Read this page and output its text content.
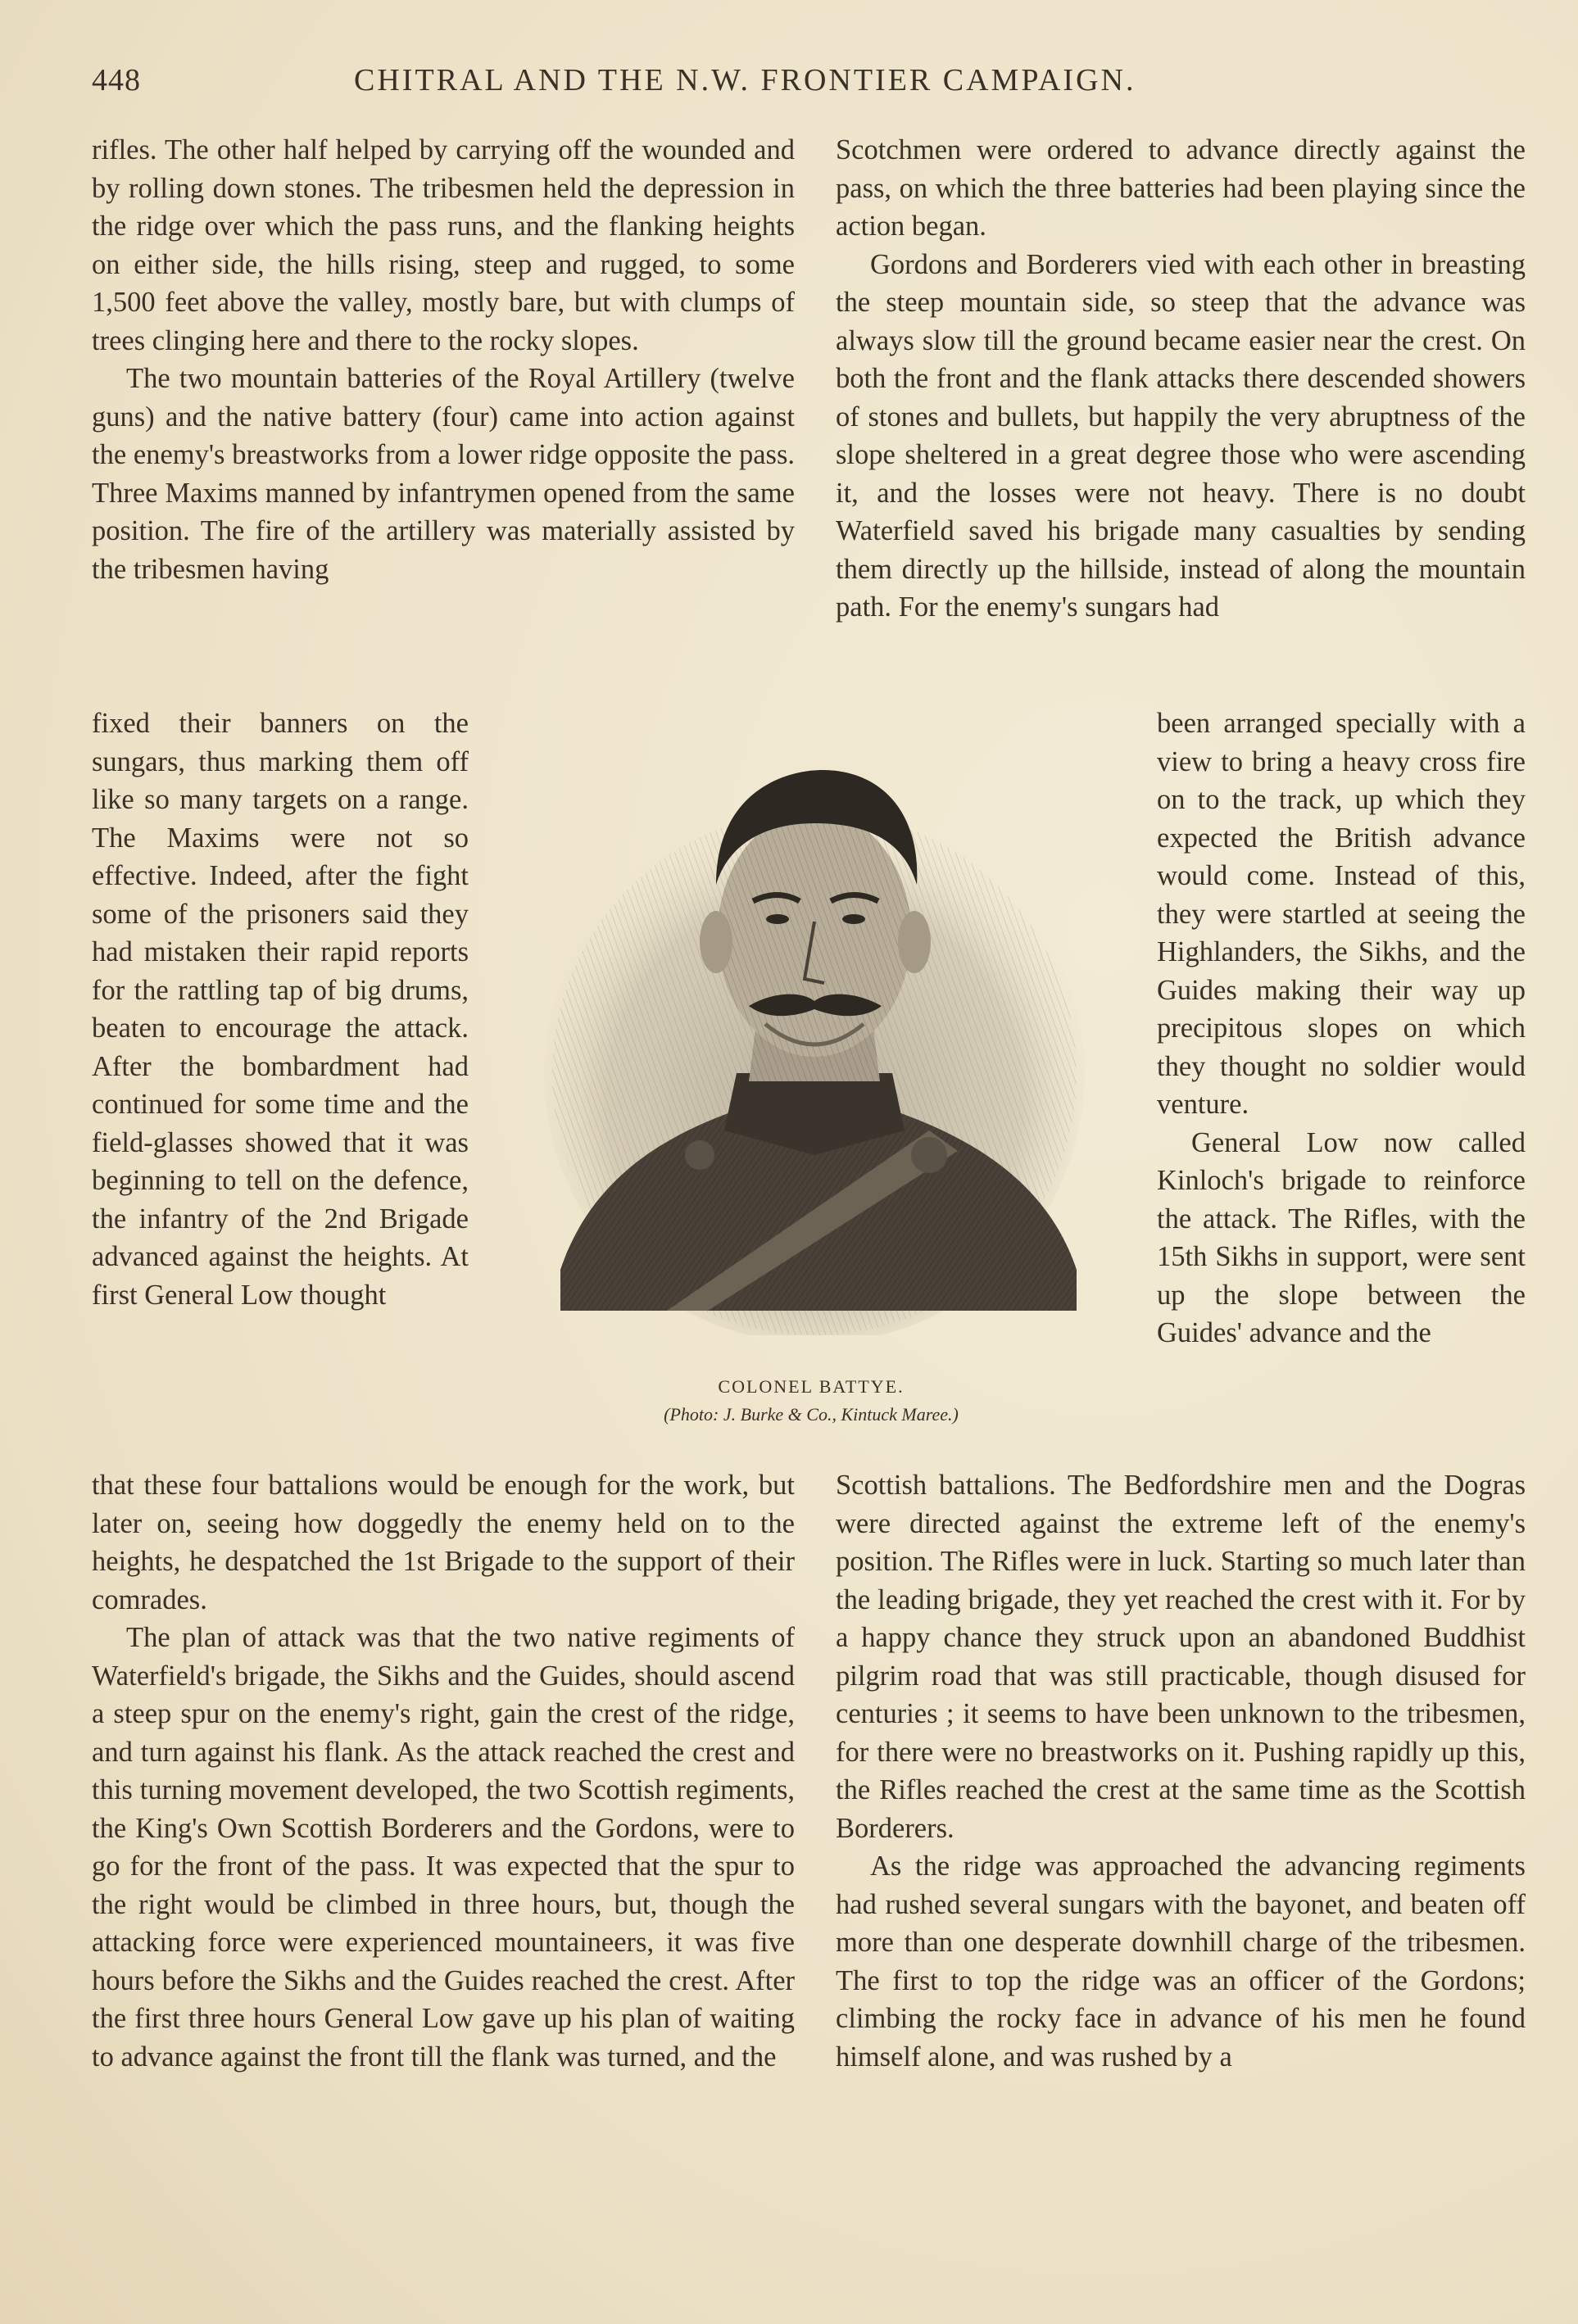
448	CHITRAL AND THE N.W. FRONTIER CAMPAIGN.

rifles. The other half helped by carrying off the wounded and by rolling down stones. The tribesmen held the depression in the ridge over which the pass runs, and the flanking heights on either side, the hills rising, steep and rugged, to some 1,500 feet above the valley, mostly bare, but with clumps of trees clinging here and there to the rocky slopes.

The two mountain batteries of the Royal Artillery (twelve guns) and the native battery (four) came into action against the enemy's breastworks from a lower ridge opposite the pass. Three Maxims manned by infantrymen opened from the same position. The fire of the artillery was materially assisted by the tribesmen having

fixed their banners on the sungars, thus marking them off like so many targets on a range. The Maxims were not so effective. Indeed, after the fight some of the prisoners said they had mistaken their rapid reports for the rattling tap of big drums, beaten to encourage the attack. After the bombardment had continued for some time and the field-glasses showed that it was beginning to tell on the defence, the infantry of the 2nd Brigade advanced against the heights. At first General Low thought

that these four battalions would be enough for the work, but later on, seeing how doggedly the enemy held on to the heights, he despatched the 1st Brigade to the support of their comrades.

The plan of attack was that the two native regiments of Waterfield's brigade, the Sikhs and the Guides, should ascend a steep spur on the enemy's right, gain the crest of the ridge, and turn against his flank. As the attack reached the crest and this turning movement developed, the two Scottish regiments, the King's Own Scottish Borderers and the Gordons, were to go for the front of the pass. It was expected that the spur to the right would be climbed in three hours, but, though the attacking force were experienced mountaineers, it was five hours before the Sikhs and the Guides reached the crest. After the first three hours General Low gave up his plan of waiting to advance against the front till the flank was turned, and the

Scotchmen were ordered to advance directly against the pass, on which the three batteries had been playing since the action began.

Gordons and Borderers vied with each other in breasting the steep mountain side, so steep that the advance was always slow till the ground became easier near the crest. On both the front and the flank attacks there descended showers of stones and bullets, but happily the very abruptness of the slope sheltered in a great degree those who were ascending it, and the losses were not heavy. There is no doubt Waterfield saved his brigade many casualties by sending them directly up the hillside, instead of along the mountain path. For the enemy's sungars had

been arranged specially with a view to bring a heavy cross fire on to the track, up which they expected the British advance would come. Instead of this, they were startled at seeing the Highlanders, the Sikhs, and the Guides making their way up precipitous slopes on which they thought no soldier would venture.

General Low now called Kinloch's brigade to reinforce the attack. The Rifles, with the 15th Sikhs in support, were sent up the slope between the Guides' advance and the

Scottish battalions. The Bedfordshire men and the Dogras were directed against the extreme left of the enemy's position. The Rifles were in luck. Starting so much later than the leading brigade, they yet reached the crest with it. For by a happy chance they struck upon an abandoned Buddhist pilgrim road that was still practicable, though disused for centuries ; it seems to have been unknown to the tribesmen, for there were no breastworks on it. Pushing rapidly up this, the Rifles reached the crest at the same time as the Scottish Borderers.

As the ridge was approached the advancing regiments had rushed several sungars with the bayonet, and beaten off more than one desperate downhill charge of the tribesmen. The first to top the ridge was an officer of the Gordons; climbing the rocky face in advance of his men he found himself alone, and was rushed by a

COLONEL BATTYE.
(Photo: J. Burke & Co., Kintuck Maree.)
